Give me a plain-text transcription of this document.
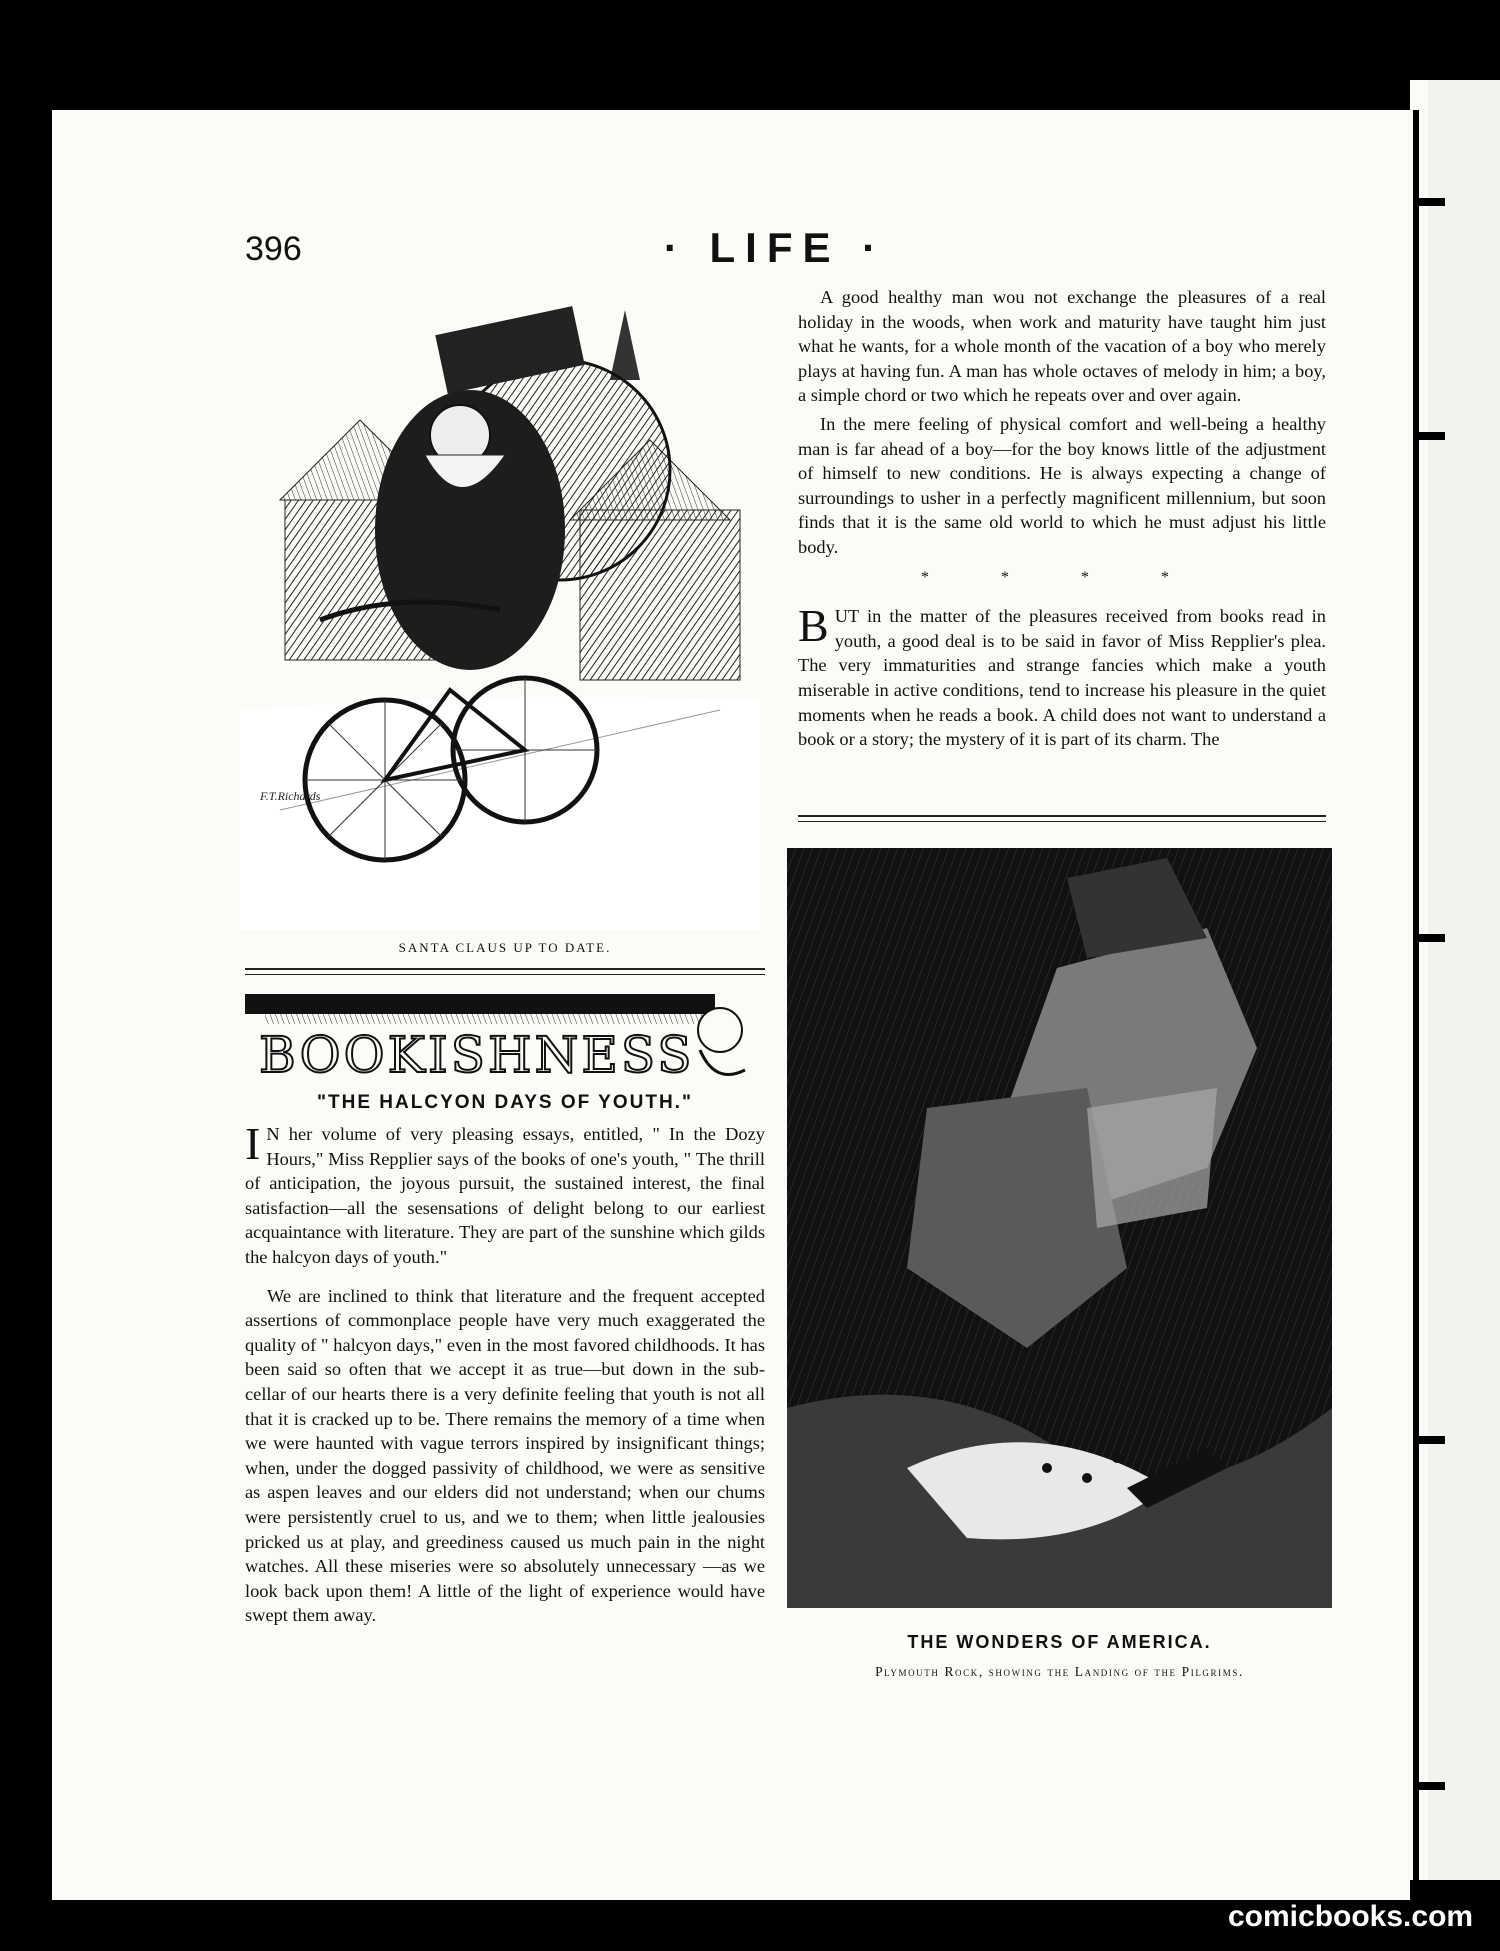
396	· LIFE ·
F.T.Richards
SANTA CLAUS UP TO DATE.
BOOKISHNESS
"THE HALCYON DAYS OF YOUTH."

I N her volume of very pleasing essays, entitled, " In the Dozy Hours," Miss Repplier says of the books of one's youth, " The thrill of anticipation, the joyous pursuit, the sustained interest, the final satisfaction—all the sesensations of delight belong to our earliest acquaintance with literature. They are part of the sunshine which gilds the halcyon days of youth."

We are inclined to think that literature and the frequent accepted assertions of commonplace people have very much exaggerated the quality of " halcyon days," even in the most favored childhoods. It has been said so often that we accept it as true—but down in the sub-cellar of our hearts there is a very definite feeling that youth is not all that it is cracked up to be. There remains the memory of a time when we were haunted with vague terrors inspired by insignificant things; when, under the dogged passivity of childhood, we were as sensitive as aspen leaves and our elders did not understand; when our chums were persistently cruel to us, and we to them; when little jealousies pricked us at play, and greediness caused us much pain in the night watches. All these miseries were so absolutely unnecessary —as we look back upon them! A little of the light of experience would have swept them away.

A good healthy man wou not exchange the pleasures of a real holiday in the woods, when work and maturity have taught him just what he wants, for a whole month of the vacation of a boy who merely plays at having fun. A man has whole octaves of melody in him; a boy, a simple chord or two which he repeats over and over again.

In the mere feeling of physical comfort and well-being a healthy man is far ahead of a boy—for the boy knows little of the adjustment of himself to new conditions. He is always expecting a change of surroundings to usher in a perfectly magnificent millennium, but soon finds that it is the same old world to which he must adjust his little body.

* * * *

BUT in the matter of the pleasures received from books read in youth, a good deal is to be said in favor of Miss Repplier's plea. The very immaturities and strange fancies which make a youth miserable in active conditions, tend to increase his pleasure in the quiet moments when he reads a book. A child does not want to understand a book or a story; the mystery of it is part of its charm. The

THE WONDERS OF AMERICA.
Plymouth Rock, showing the Landing of the Pilgrims.
comicbooks.com
